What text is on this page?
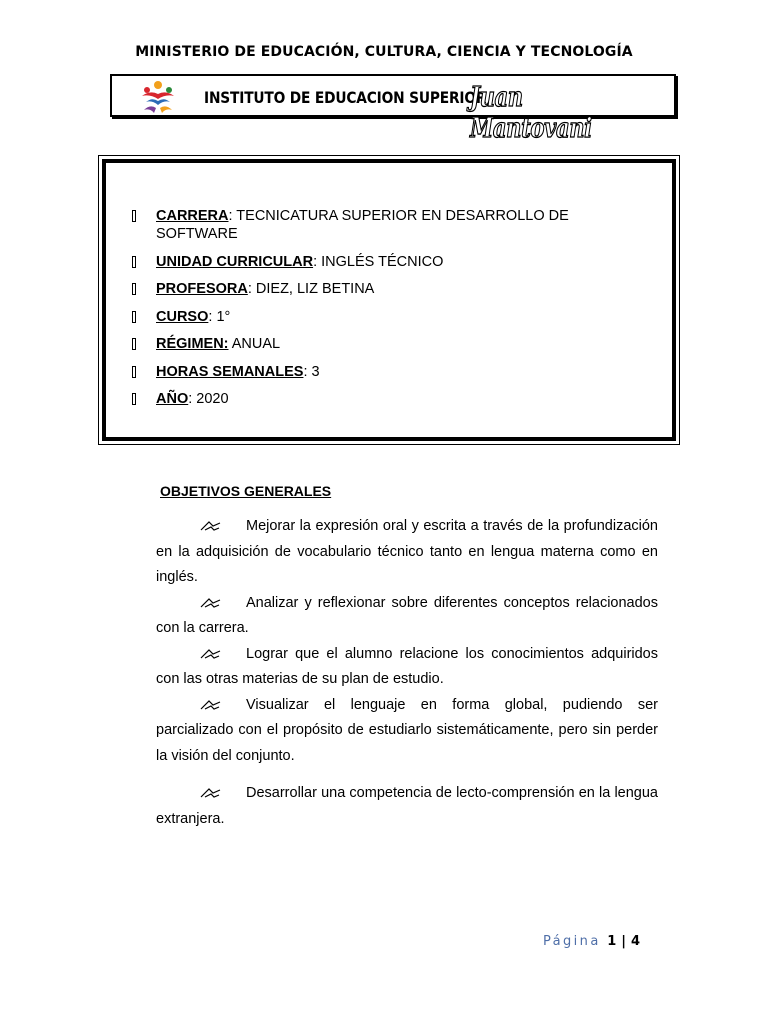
MINISTERIO DE EDUCACIÓN, CULTURA, CIENCIA Y TECNOLOGÍA
INSTITUTO DE EDUCACION SUPERIOR
Juan Mantovani
CARRERA: TECNICATURA SUPERIOR EN DESARROLLO DE SOFTWARE
UNIDAD CURRICULAR: INGLÉS TÉCNICO
PROFESORA: DIEZ, LIZ BETINA
CURSO: 1°
RÉGIMEN: ANUAL
HORAS SEMANALES: 3
AÑO: 2020
OBJETIVOS GENERALES

Mejorar la expresión oral y escrita a través de la profundización en la adquisición de vocabulario técnico tanto en lengua materna como en inglés.

Analizar y reflexionar sobre diferentes conceptos relacionados con la carrera.

Lograr que el alumno relacione los conocimientos adquiridos con las otras materias de su plan de estudio.

Visualizar el lenguaje en forma global, pudiendo ser parcializado con el propósito de estudiarlo sistemáticamente, pero sin perder la visión del conjunto.

Desarrollar una competencia de lecto-comprensión en la lengua extranjera.

Página 1 | 4
